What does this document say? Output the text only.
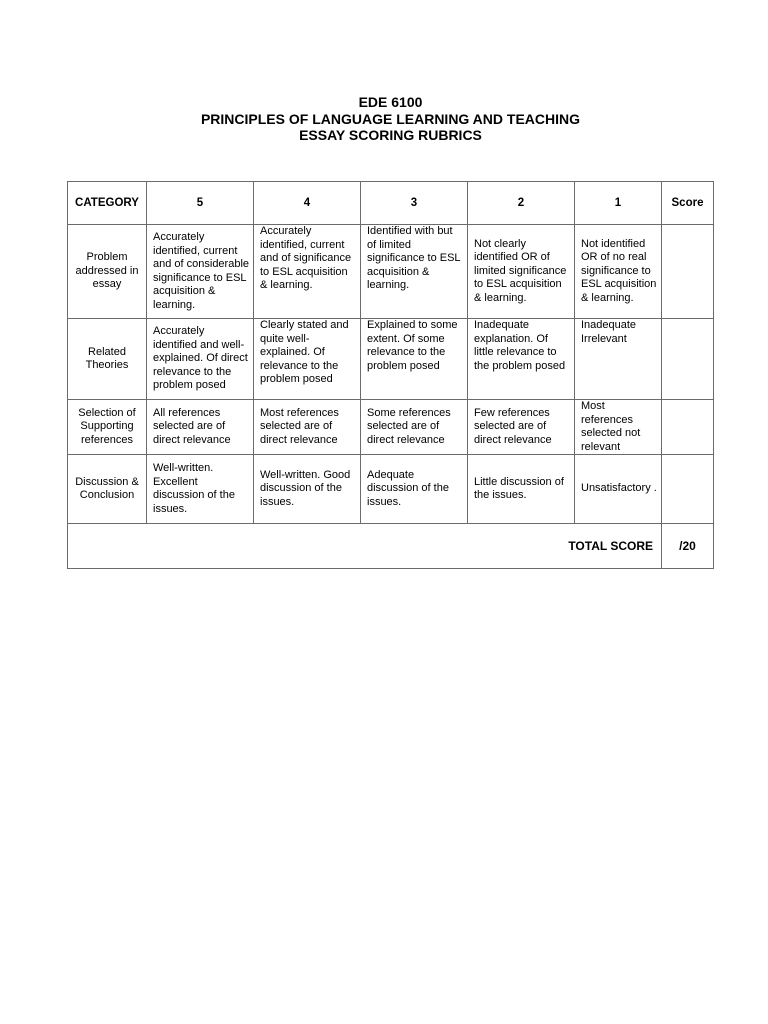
EDE 6100
PRINCIPLES OF LANGUAGE LEARNING AND TEACHING
ESSAY SCORING RUBRICS
CATEGORY	5	4	3	2	1	Score
Problem addressed in essay	Accurately identified, current and of considerable significance to ESL acquisition & learning.	Accurately identified, current and of significance to ESL acquisition & learning.	Identified with but of limited significance to ESL acquisition & learning.	Not clearly identified OR of limited significance to ESL acquisition & learning.	Not identified OR of no real significance to ESL acquisition & learning.	
Related Theories	Accurately identified and well-explained. Of direct relevance to the problem posed	Clearly stated and quite well-explained. Of relevance to the problem posed	Explained to some extent. Of some relevance to the problem posed	Inadequate explanation. Of little relevance to the problem posed	Inadequate Irrelevant	
Selection of Supporting references	All references selected are of direct relevance	Most references selected are of direct relevance	Some references selected are of direct relevance	Few references selected are of direct relevance	Most references selected not relevant	
Discussion & Conclusion	Well-written. Excellent discussion of the issues.	Well-written. Good discussion of the issues.	Adequate discussion of the issues.	Little discussion of the issues.	Unsatisfactory .	
TOTAL SCORE						/20
